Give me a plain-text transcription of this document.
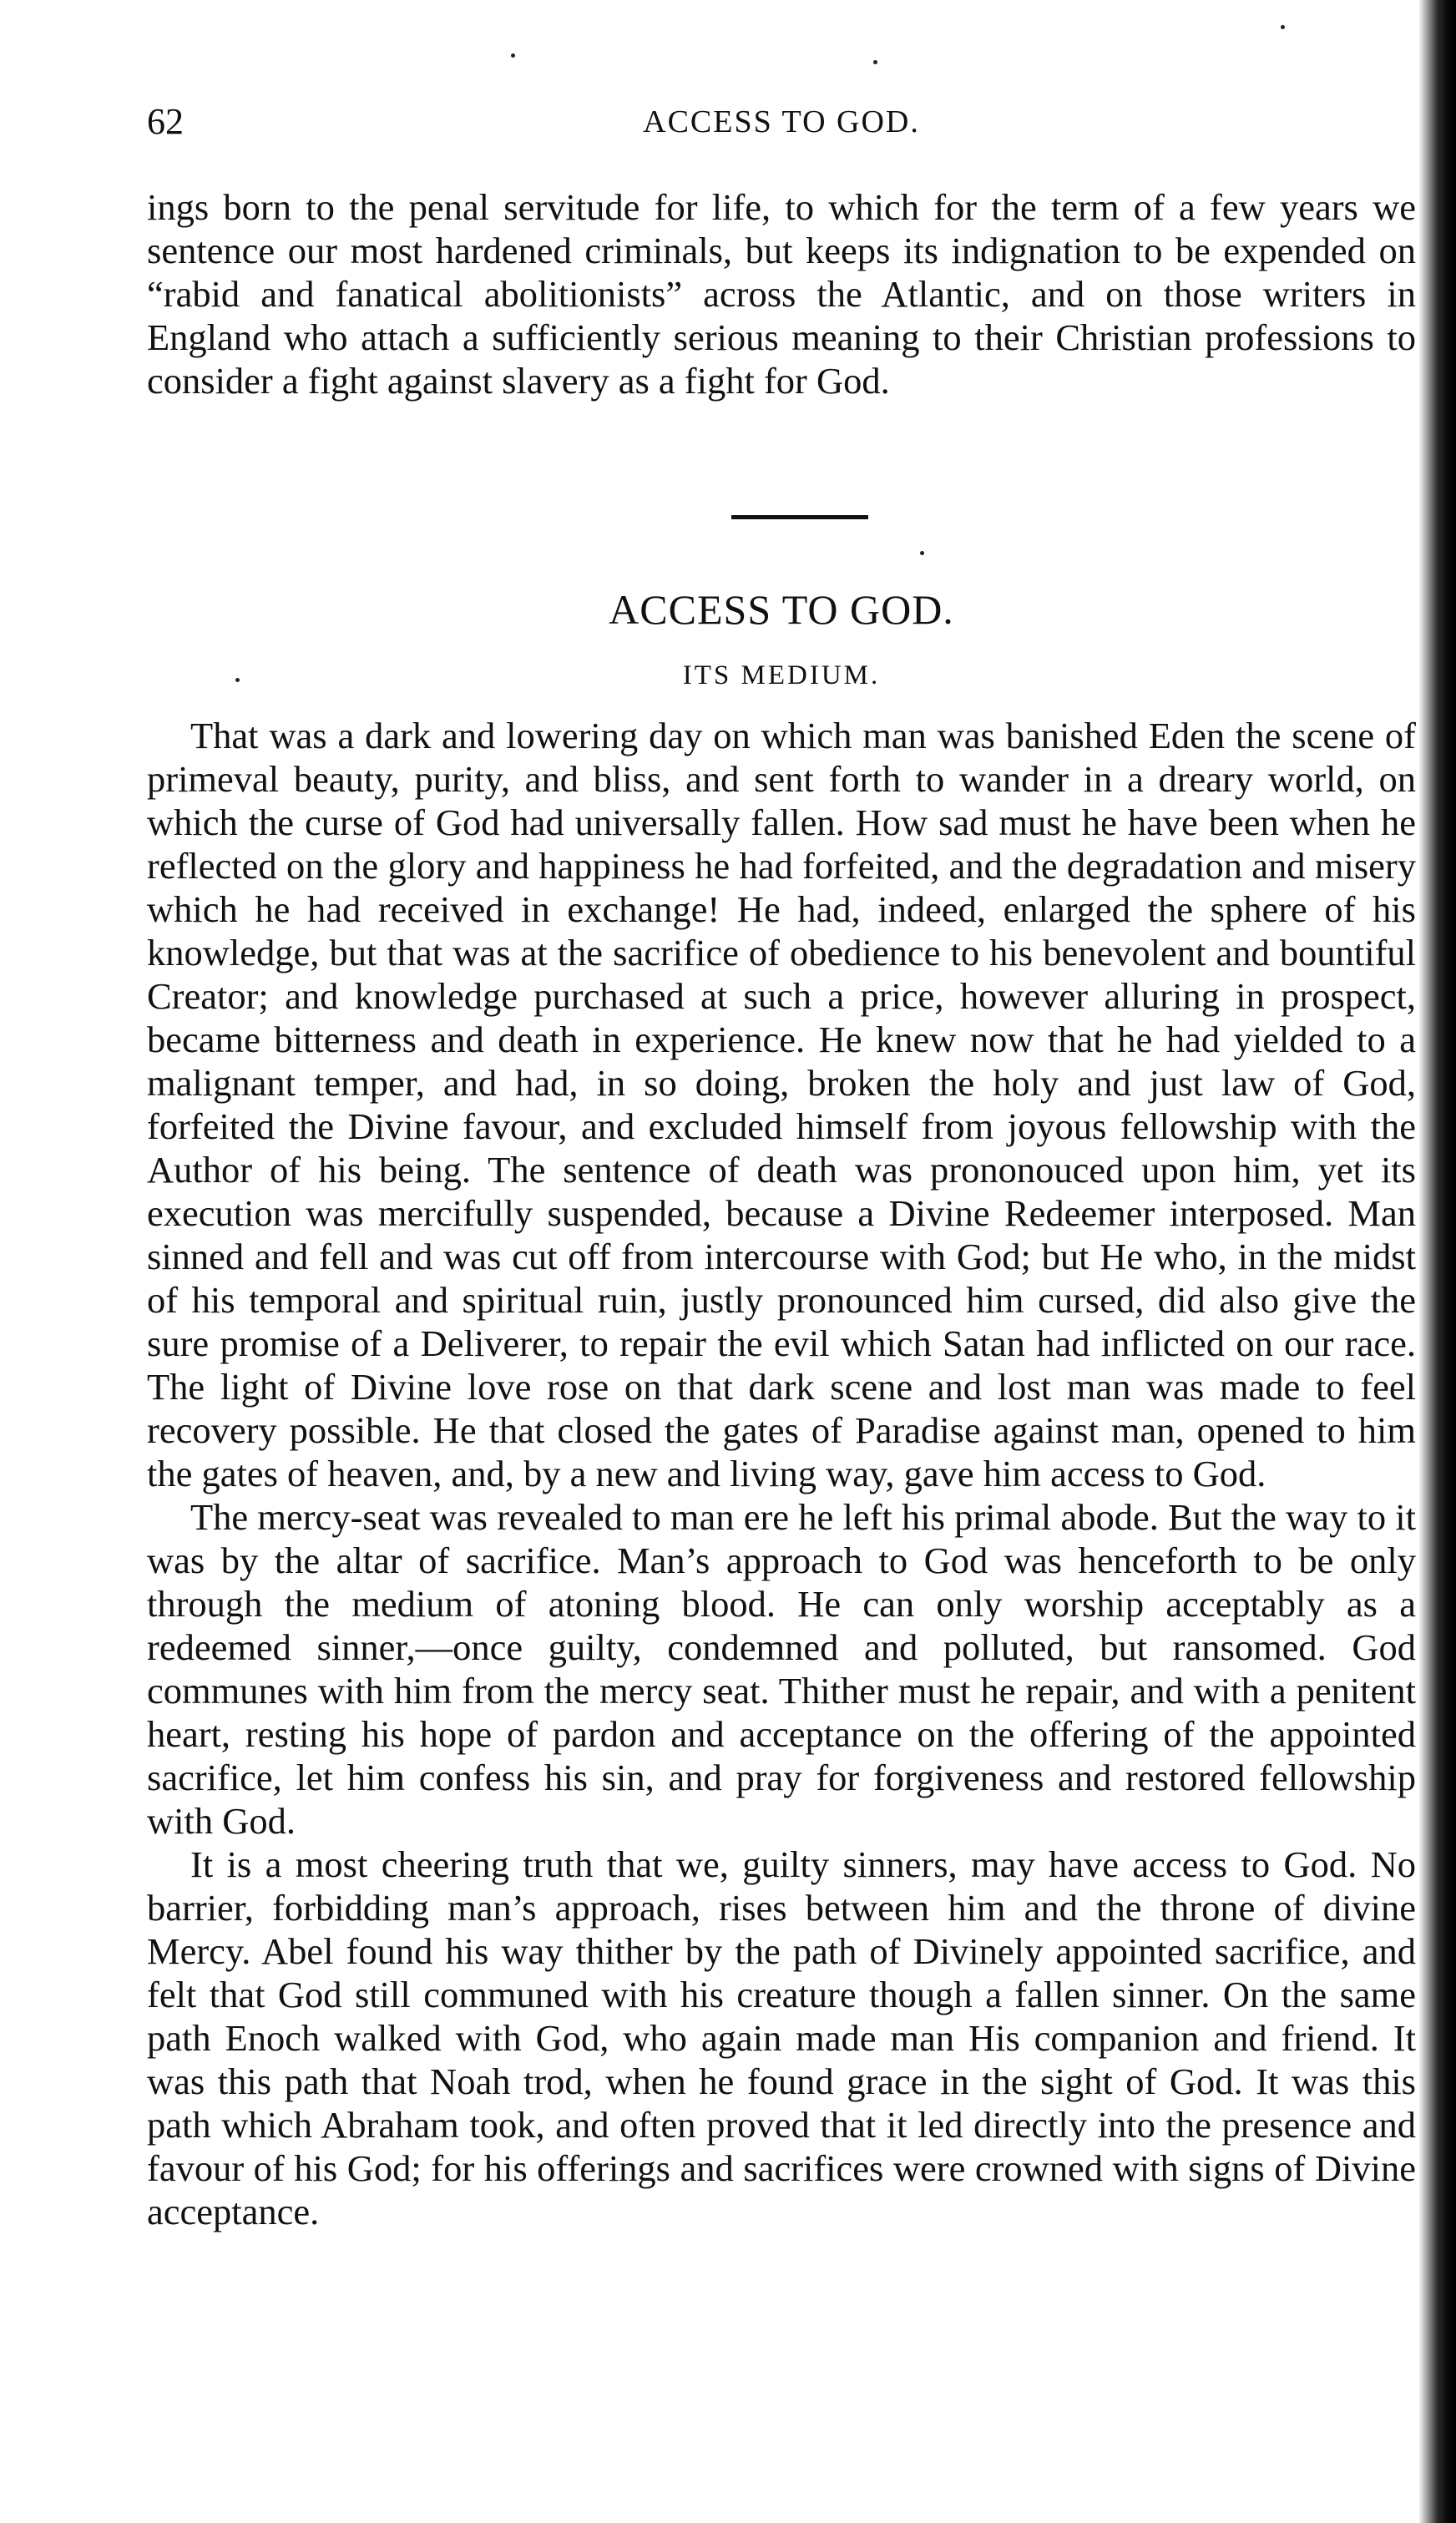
62	ACCESS TO GOD.
ings born to the penal servitude for life, to which for the term of a few years we sentence our most hardened criminals, but keeps its indignation to be expended on “rabid and fanatical abolitionists” across the Atlantic, and on those writers in England who attach a sufficiently serious meaning to their Christian professions to consider a fight against slavery as a fight for God.
ACCESS TO GOD.
ITS MEDIUM.

That was a dark and lowering day on which man was banished Eden the scene of primeval beauty, purity, and bliss, and sent forth to wander in a dreary world, on which the curse of God had universally fallen. How sad must he have been when he reflected on the glory and happiness he had forfeited, and the degradation and misery which he had received in exchange! He had, indeed, enlarged the sphere of his knowledge, but that was at the sacrifice of obedience to his benevolent and bountiful Creator; and knowledge purchased at such a price, however alluring in prospect, became bitterness and death in experience. He knew now that he had yielded to a malignant temper, and had, in so doing, broken the holy and just law of God, forfeited the Divine favour, and excluded himself from joyous fellowship with the Author of his being. The sentence of death was prononouced upon him, yet its execution was mercifully suspended, because a Divine Redeemer interposed. Man sinned and fell and was cut off from intercourse with God; but He who, in the midst of his temporal and spiritual ruin, justly pronounced him cursed, did also give the sure promise of a Deliverer, to repair the evil which Satan had inflicted on our race. The light of Divine love rose on that dark scene and lost man was made to feel recovery possible. He that closed the gates of Paradise against man, opened to him the gates of heaven, and, by a new and living way, gave him access to God.

The mercy-seat was revealed to man ere he left his primal abode. But the way to it was by the altar of sacrifice. Man’s approach to God was henceforth to be only through the medium of atoning blood. He can only worship acceptably as a redeemed sinner,—once guilty, condemned and polluted, but ransomed. God communes with him from the mercy seat. Thither must he repair, and with a penitent heart, resting his hope of pardon and acceptance on the offering of the appointed sacrifice, let him confess his sin, and pray for forgiveness and restored fellowship with God.

It is a most cheering truth that we, guilty sinners, may have access to God. No barrier, forbidding man’s approach, rises between him and the throne of divine Mercy. Abel found his way thither by the path of Divinely appointed sacrifice, and felt that God still communed with his creature though a fallen sinner. On the same path Enoch walked with God, who again made man His companion and friend. It was this path that Noah trod, when he found grace in the sight of God. It was this path which Abraham took, and often proved that it led directly into the presence and favour of his God; for his offerings and sacrifices were crowned with signs of Divine acceptance.
